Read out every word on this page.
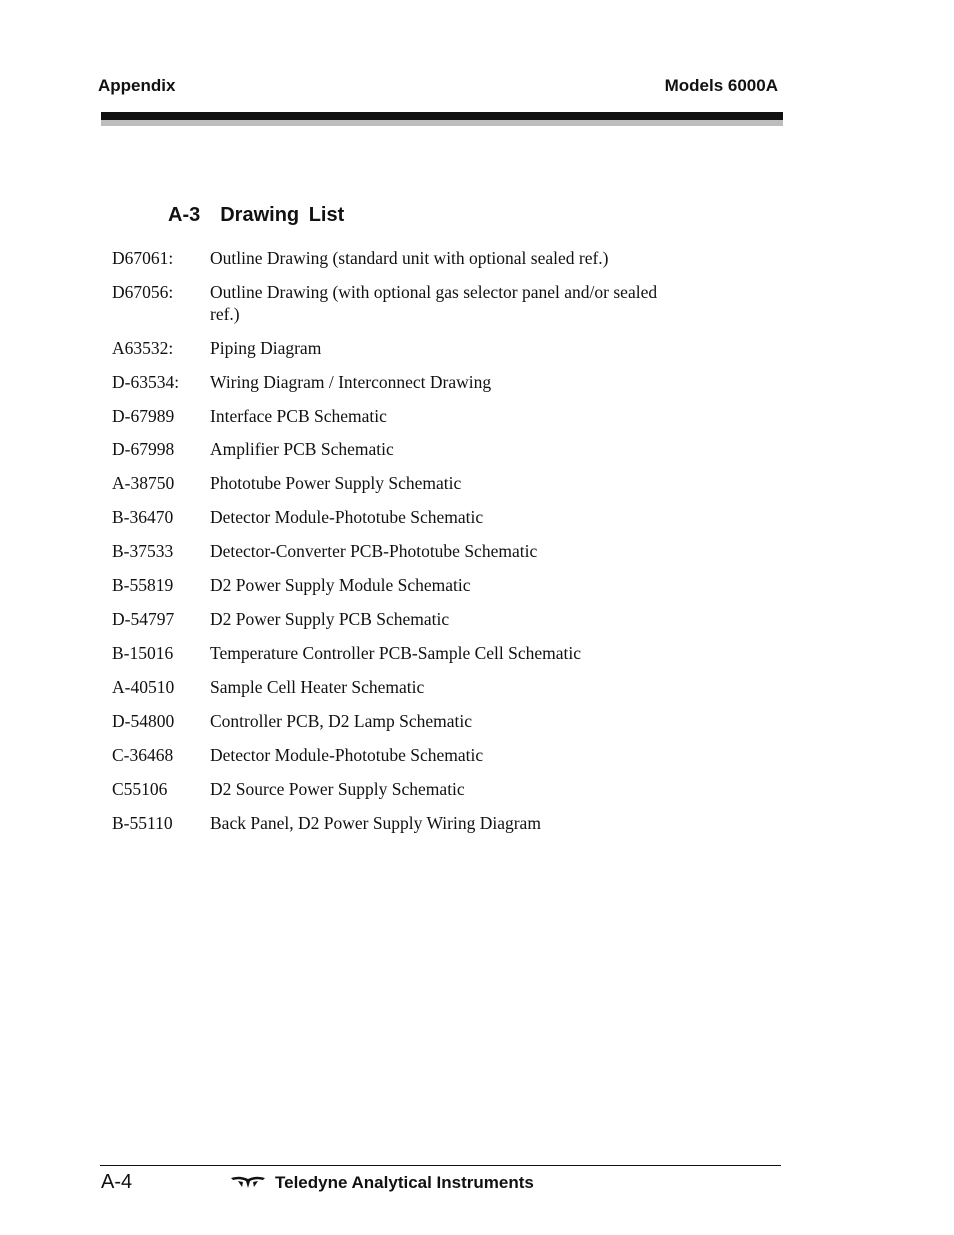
Appendix	Models 6000A
A-3 Drawing List
D67061:	Outline Drawing (standard unit with optional sealed ref.)
D67056:	Outline Drawing (with optional gas selector panel and/or sealed ref.)
A63532:	Piping Diagram
D-63534:	Wiring Diagram / Interconnect Drawing
D-67989	Interface PCB Schematic
D-67998	Amplifier PCB Schematic
A-38750	Phototube Power Supply Schematic
B-36470	Detector Module-Phototube Schematic
B-37533	Detector-Converter PCB-Phototube Schematic
B-55819	D2 Power Supply Module Schematic
D-54797	D2 Power Supply PCB Schematic
B-15016	Temperature Controller PCB-Sample Cell Schematic
A-40510	Sample Cell Heater Schematic
D-54800	Controller PCB, D2 Lamp Schematic
C-36468	Detector Module-Phototube Schematic
C55106	D2 Source Power Supply Schematic
B-55110	Back Panel, D2 Power Supply Wiring Diagram
A-4	Teledyne Analytical Instruments
